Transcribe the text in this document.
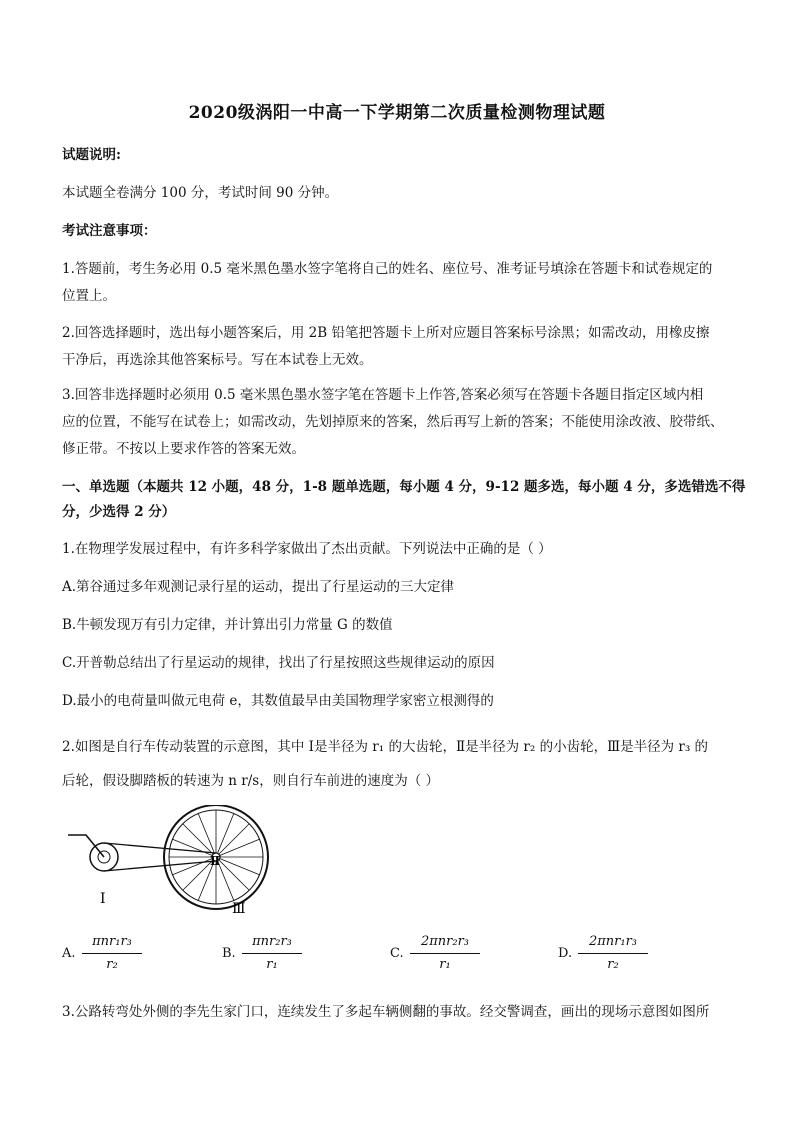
2020级涡阳一中高一下学期第二次质量检测物理试题
试题说明:
本试题全卷满分 100 分，考试时间 90 分钟。
考试注意事项：
1.答题前，考生务必用 0.5 毫米黑色墨水签字笔将自己的姓名、座位号、准考证号填涂在答题卡和试卷规定的
位置上。
2.回答选择题时，选出每小题答案后，用 2B 铅笔把答题卡上所对应题目答案标号涂黑；如需改动，用橡皮擦
干净后，再选涂其他答案标号。写在本试卷上无效。
3.回答非选择题时必须用 0.5 毫米黑色墨水签字笔在答题卡上作答,答案必须写在答题卡各题目指定区域内相
应的位置，不能写在试卷上；如需改动，先划掉原来的答案，然后再写上新的答案；不能使用涂改液、胶带纸、
修正带。不按以上要求作答的答案无效。
一、单选题（本题共 12 小题，48 分，1-8 题单选题，每小题 4 分，9-12 题多选，每小题 4 分，多选错选不得
分，少选得 2 分）
1.在物理学发展过程中，有许多科学家做出了杰出贡献。下列说法中正确的是（ ）
A.第谷通过多年观测记录行星的运动，提出了行星运动的三大定律
B.牛顿发现万有引力定律，并计算出引力常量 G 的数值
C.开普勒总结出了行星运动的规律，找出了行星按照这些规律运动的原因
D.最小的电荷量叫做元电荷 e，其数值最早由美国物理学家密立根测得的
2.如图是自行车传动装置的示意图，其中 Ⅰ是半径为 r₁ 的大齿轮，Ⅱ是半径为 r₂ 的小齿轮，Ⅲ是半径为 r₃ 的
后轮，假设脚踏板的转速为 n r/s，则自行车前进的速度为（ ）
Ⅰ
Ⅱ
Ⅲ
A.
πnr₁r₃
r₂
B.
πnr₂r₃
r₁
C.
2πnr₂r₃
r₁
D.
2πnr₁r₃
r₂
3.公路转弯处外侧的李先生家门口，连续发生了多起车辆侧翻的事故。经交警调查，画出的现场示意图如图所
